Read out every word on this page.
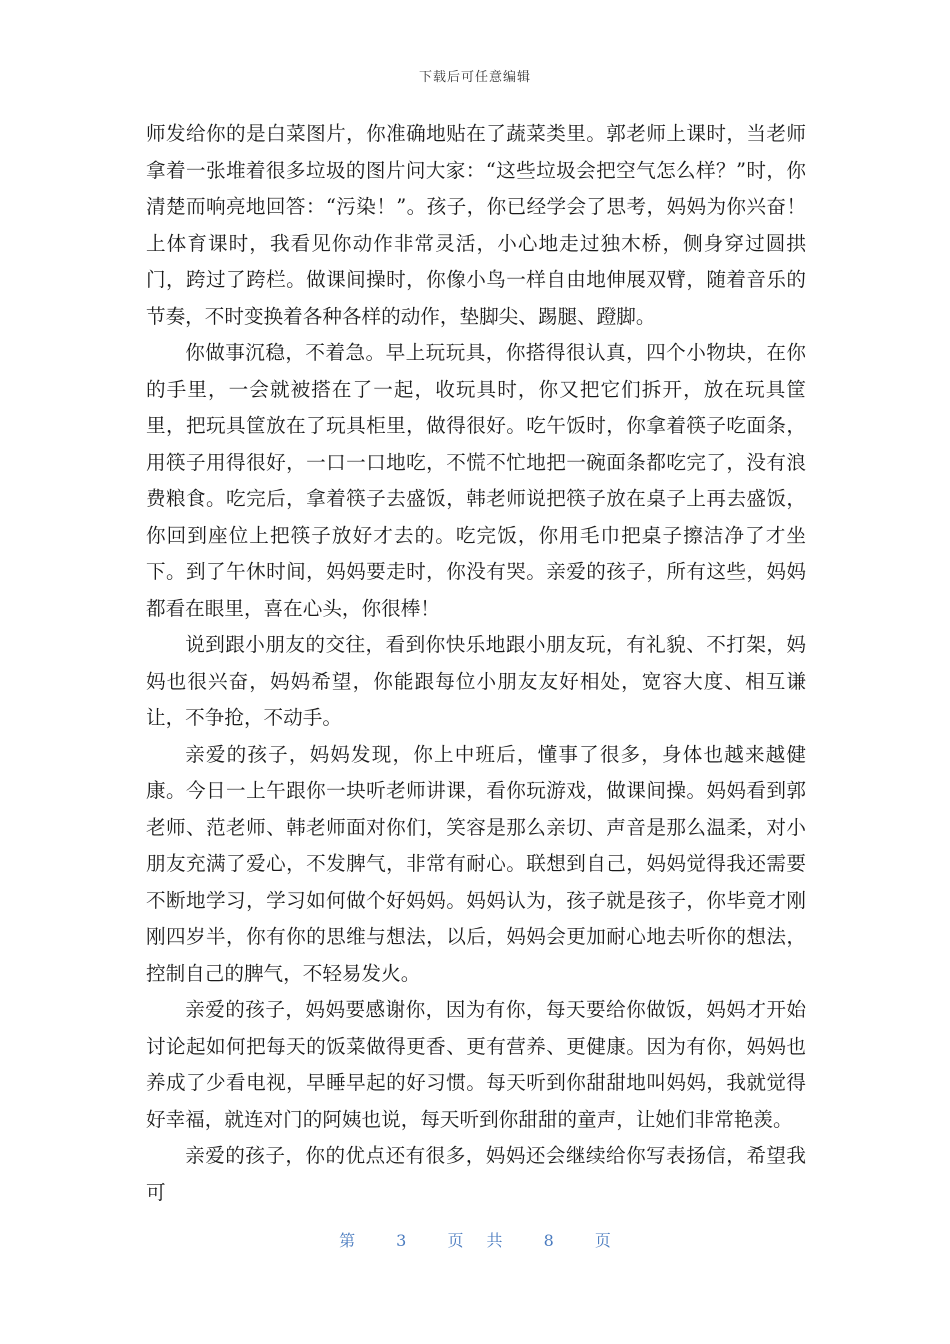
下载后可任意编辑

师发给你的是白菜图片，你准确地贴在了蔬菜类里。郭老师上课时，当老师拿着一张堆着很多垃圾的图片问大家：“这些垃圾会把空气怎么样？”时，你清楚而响亮地回答：“污染！”。孩子，你已经学会了思考，妈妈为你兴奋！上体育课时，我看见你动作非常灵活，小心地走过独木桥，侧身穿过圆拱门，跨过了跨栏。做课间操时，你像小鸟一样自由地伸展双臂，随着音乐的节奏，不时变换着各种各样的动作，垫脚尖、踢腿、蹬脚。

你做事沉稳，不着急。早上玩玩具，你搭得很认真，四个小物块，在你的手里，一会就被搭在了一起，收玩具时，你又把它们拆开，放在玩具筐里，把玩具筐放在了玩具柜里，做得很好。吃午饭时，你拿着筷子吃面条，用筷子用得很好，一口一口地吃，不慌不忙地把一碗面条都吃完了，没有浪费粮食。吃完后，拿着筷子去盛饭，韩老师说把筷子放在桌子上再去盛饭，你回到座位上把筷子放好才去的。吃完饭，你用毛巾把桌子擦洁净了才坐下。到了午休时间，妈妈要走时，你没有哭。亲爱的孩子，所有这些，妈妈都看在眼里，喜在心头，你很棒！

说到跟小朋友的交往，看到你快乐地跟小朋友玩，有礼貌、不打架，妈妈也很兴奋，妈妈希望，你能跟每位小朋友友好相处，宽容大度、相互谦让，不争抢，不动手。

亲爱的孩子，妈妈发现，你上中班后，懂事了很多，身体也越来越健康。今日一上午跟你一块听老师讲课，看你玩游戏，做课间操。妈妈看到郭老师、范老师、韩老师面对你们，笑容是那么亲切、声音是那么温柔，对小朋友充满了爱心，不发脾气，非常有耐心。联想到自己，妈妈觉得我还需要不断地学习，学习如何做个好妈妈。妈妈认为，孩子就是孩子，你毕竟才刚刚四岁半，你有你的思维与想法，以后，妈妈会更加耐心地去听你的想法，控制自己的脾气，不轻易发火。

亲爱的孩子，妈妈要感谢你，因为有你，每天要给你做饭，妈妈才开始讨论起如何把每天的饭菜做得更香、更有营养、更健康。因为有你，妈妈也养成了少看电视，早睡早起的好习惯。每天听到你甜甜地叫妈妈，我就觉得好幸福，就连对门的阿姨也说，每天听到你甜甜的童声，让她们非常艳羡。

亲爱的孩子，你的优点还有很多，妈妈还会继续给你写表扬信，希望我可

第	3	页 共	8	页
